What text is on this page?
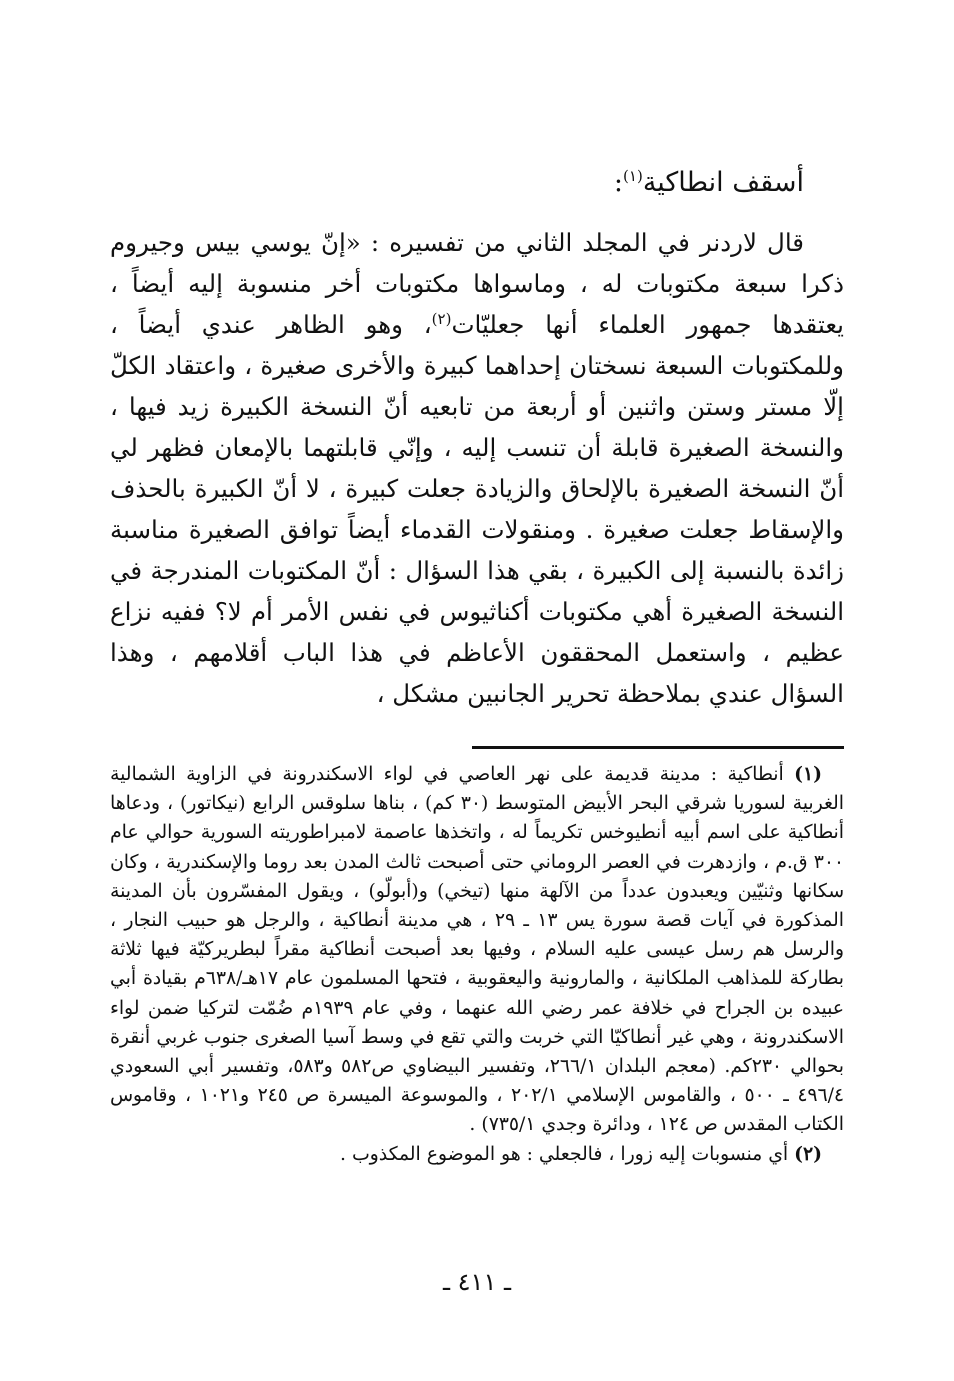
أسقف انطاكية$^{(١)}$:

قال لاردنر في المجلد الثاني من تفسيره : «إنّ يوسي بيس وجيروم ذكرا سبعة مكتوبات له ، وماسواها مكتوبات أخر منسوبة إليه أيضاً ، يعتقدها جمهور العلماء أنها جعليّات$^{(٢)}$، وهو الظاهر عندي أيضاً ، وللمكتوبات السبعة نسختان إحداهما كبيرة والأخرى صغيرة ، واعتقاد الكلّ إلّا مستر وستن واثنين أو أربعة من تابعيه أنّ النسخة الكبيرة زيد فيها ، والنسخة الصغيرة قابلة أن تنسب إليه ، وإنّي قابلتهما بالإمعان فظهر لي أنّ النسخة الصغيرة بالإلحاق والزيادة جعلت كبيرة ، لا أنّ الكبيرة بالحذف والإسقاط جعلت صغيرة . ومنقولات القدماء أيضاً توافق الصغيرة مناسبة زائدة بالنسبة إلى الكبيرة ، بقي هذا السؤال : أنّ المكتوبات المندرجة في النسخة الصغيرة أهي مكتوبات أكناثيوس في نفس الأمر أم لا؟ ففيه نزاع عظيم ، واستعمل المحققون الأعاظم في هذا الباب أقلامهم ، وهذا السؤال عندي بملاحظة تحرير الجانبين مشكل ،

(١) أنطاكية : مدينة قديمة على نهر العاصي في لواء الاسكندرونة في الزاوية الشمالية الغربية لسوريا شرقي البحر الأبيض المتوسط (٣٠ كم) ، بناها سلوقس الرابع (نيكاتور) ، ودعاها أنطاكية على اسم أبيه أنطيوخس تكريماً له ، واتخذها عاصمة لامبراطوريته السورية حوالي عام ٣٠٠ ق.م ، وازدهرت في العصر الروماني حتى أصبحت ثالث المدن بعد روما والإسكندرية ، وكان سكانها وثنيّين ويعبدون عدداً من الآلهة منها (تيخي) و(أبولّو) ، ويقول المفسّرون بأن المدينة المذكورة في آيات قصة سورة يس ١٣ ـ ٢٩ ، هي مدينة أنطاكية ، والرجل هو حبيب النجار ، والرسل هم رسل عيسى عليه السلام ، وفيها بعد أصبحت أنطاكية مقراً لبطريركيّة فيها ثلاثة بطاركة للمذاهب الملكانية ، والمارونية واليعقوبية ، فتحها المسلمون عام ١٧هـ/٦٣٨م بقيادة أبي عبيده بن الجراح في خلافة عمر رضي الله عنهما ، وفي عام ١٩٣٩م ضُمّت لتركيا ضمن لواء الاسكندرونة ، وهي غير أنطاكيّا التي خربت والتي تقع في وسط آسيا الصغرى جنوب غربي أنقرة بحوالي ٢٣٠كم. (معجم البلدان ٢٦٦/١، وتفسير البيضاوي ص٥٨٢ و٥٨٣، وتفسير أبي السعودي ٤٩٦/٤ ـ ٥٠٠ ، والقاموس الإسلامي ٢٠٢/١ ، والموسوعة الميسرة ص ٢٤٥ و١٠٢١ ، وقاموس الكتاب المقدس ص ١٢٤ ، ودائرة وجدي ٧٣٥/١) .

(٢) أي منسوبات إليه زورا ، فالجعلي : هو الموضوع المكذوب .

ـ ٤١١ ـ
